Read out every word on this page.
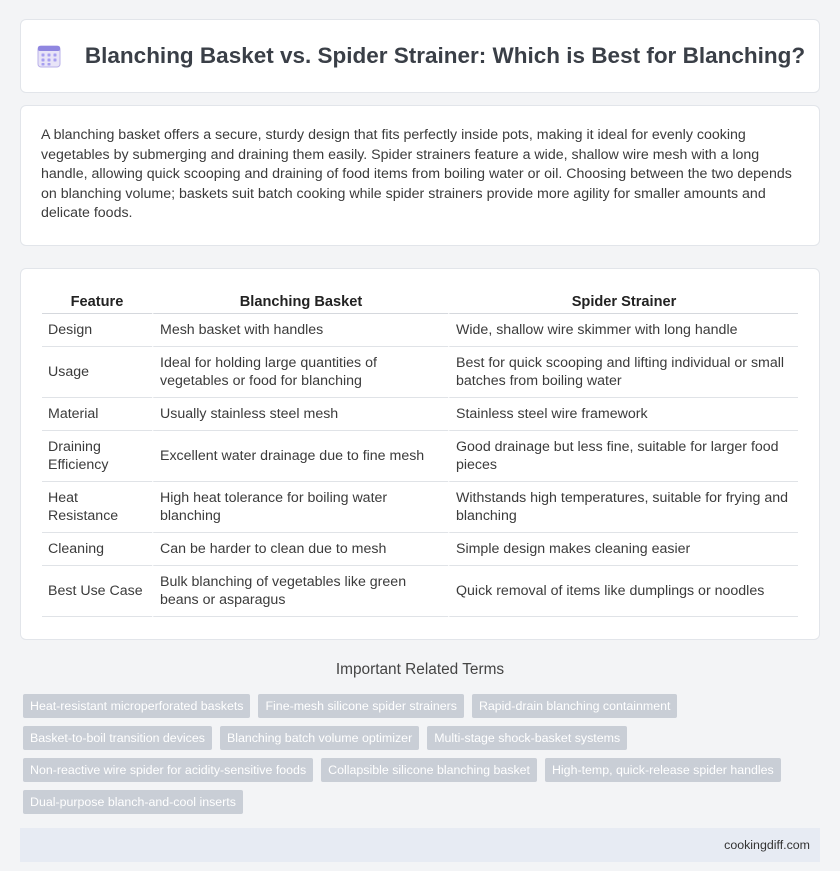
Blanching Basket vs. Spider Strainer: Which is Best for Blanching?
A blanching basket offers a secure, sturdy design that fits perfectly inside pots, making it ideal for evenly cooking vegetables by submerging and draining them easily. Spider strainers feature a wide, shallow wire mesh with a long handle, allowing quick scooping and draining of food items from boiling water or oil. Choosing between the two depends on blanching volume; baskets suit batch cooking while spider strainers provide more agility for smaller amounts and delicate foods.
Feature	Blanching Basket	Spider Strainer
Design	Mesh basket with handles	Wide, shallow wire skimmer with long handle
Usage	Ideal for holding large quantities of vegetables or food for blanching	Best for quick scooping and lifting individual or small batches from boiling water
Material	Usually stainless steel mesh	Stainless steel wire framework
Draining Efficiency	Excellent water drainage due to fine mesh	Good drainage but less fine, suitable for larger food pieces
Heat Resistance	High heat tolerance for boiling water blanching	Withstands high temperatures, suitable for frying and blanching
Cleaning	Can be harder to clean due to mesh	Simple design makes cleaning easier
Best Use Case	Bulk blanching of vegetables like green beans or asparagus	Quick removal of items like dumplings or noodles
Important Related Terms
Heat-resistant microperforated baskets	Fine-mesh silicone spider strainers	Rapid-drain blanching containment
Basket-to-boil transition devices	Blanching batch volume optimizer	Multi-stage shock-basket systems
Non-reactive wire spider for acidity-sensitive foods	Collapsible silicone blanching basket	High-temp, quick-release spider handles
Dual-purpose blanch-and-cool inserts
cookingdiff.com
